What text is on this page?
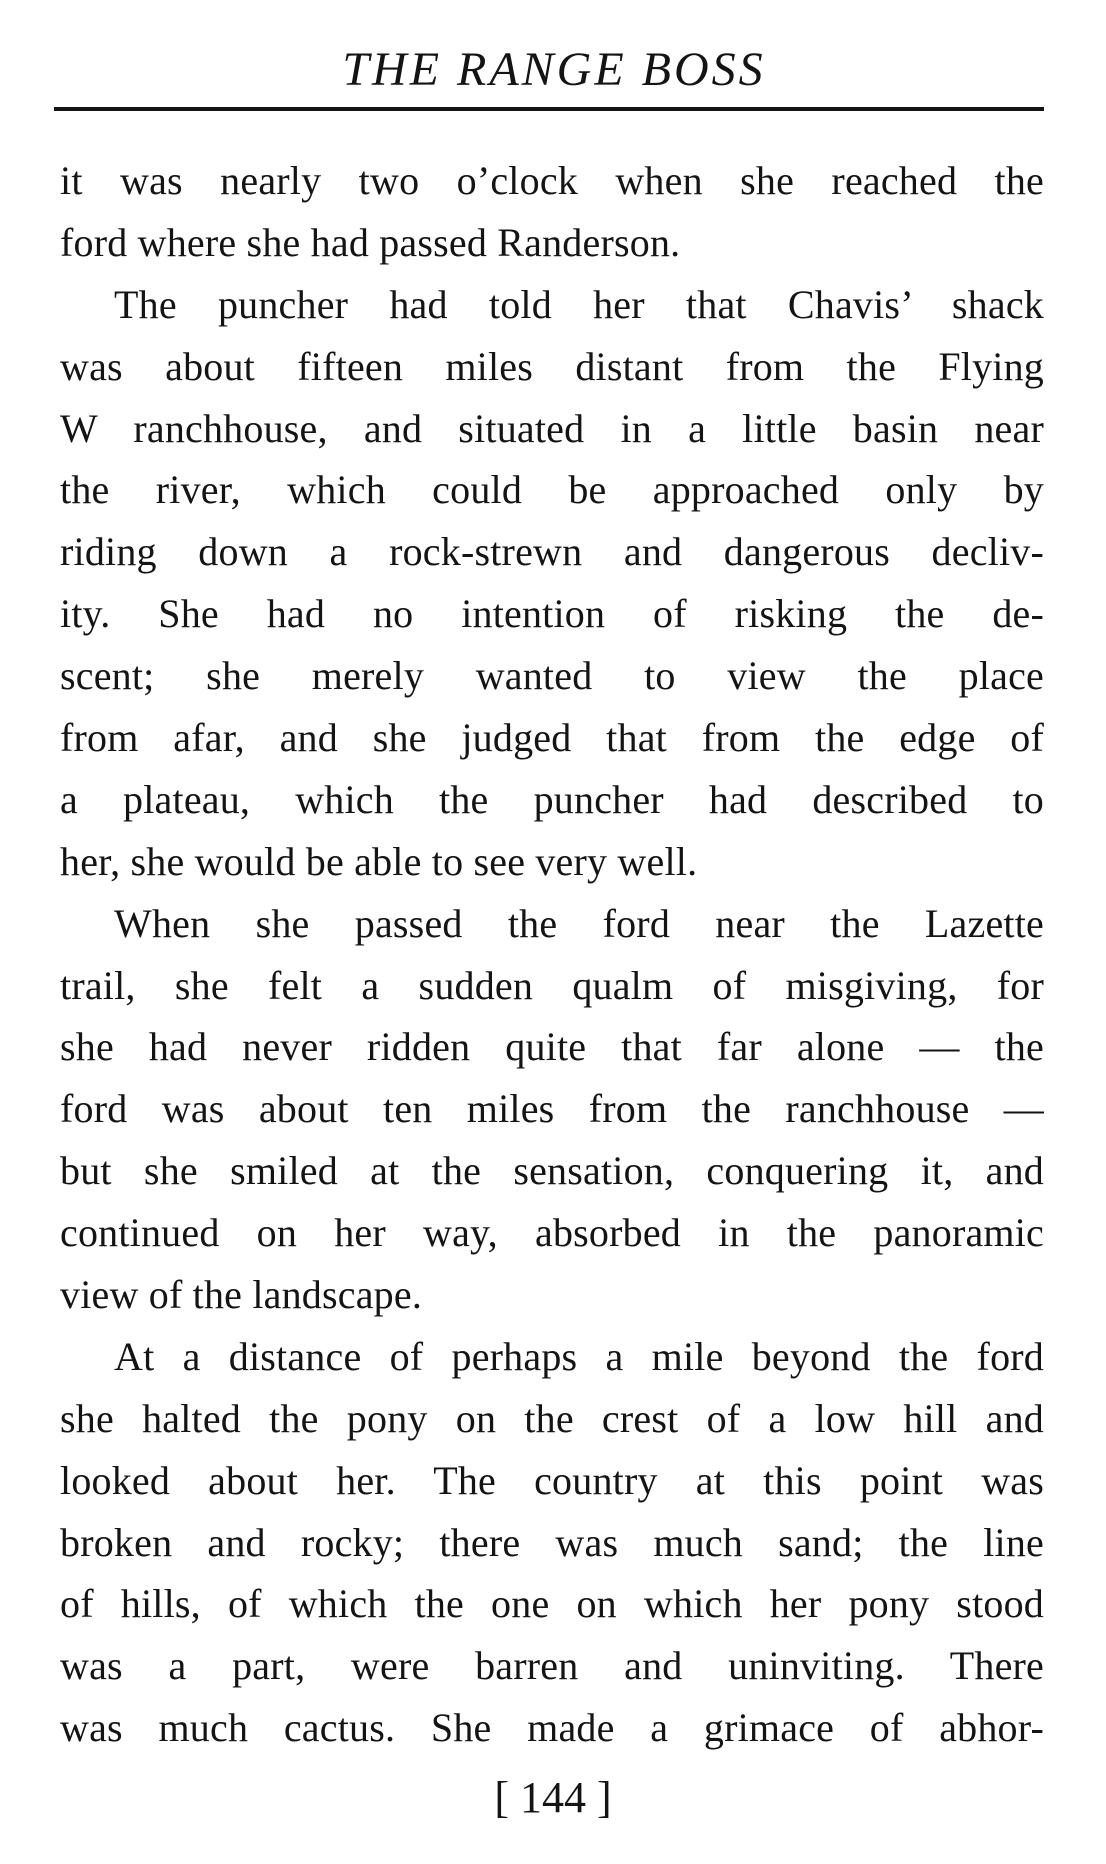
THE RANGE BOSS
it was nearly two o’clock when she reached the
ford where she had passed Randerson.
The puncher had told her that Chavis’ shack
was about fifteen miles distant from the Flying
W ranchhouse, and situated in a little basin near
the river, which could be approached only by
riding down a rock-strewn and dangerous decliv-
ity. She had no intention of risking the de-
scent; she merely wanted to view the place
from afar, and she judged that from the edge of
a plateau, which the puncher had described to
her, she would be able to see very well.
When she passed the ford near the Lazette
trail, she felt a sudden qualm of misgiving, for
she had never ridden quite that far alone — the
ford was about ten miles from the ranchhouse —
but she smiled at the sensation, conquering it, and
continued on her way, absorbed in the panoramic
view of the landscape.
At a distance of perhaps a mile beyond the ford
she halted the pony on the crest of a low hill and
looked about her. The country at this point was
broken and rocky; there was much sand; the line
of hills, of which the one on which her pony stood
was a part, were barren and uninviting. There
was much cactus. She made a grimace of abhor-
[ 144 ]
